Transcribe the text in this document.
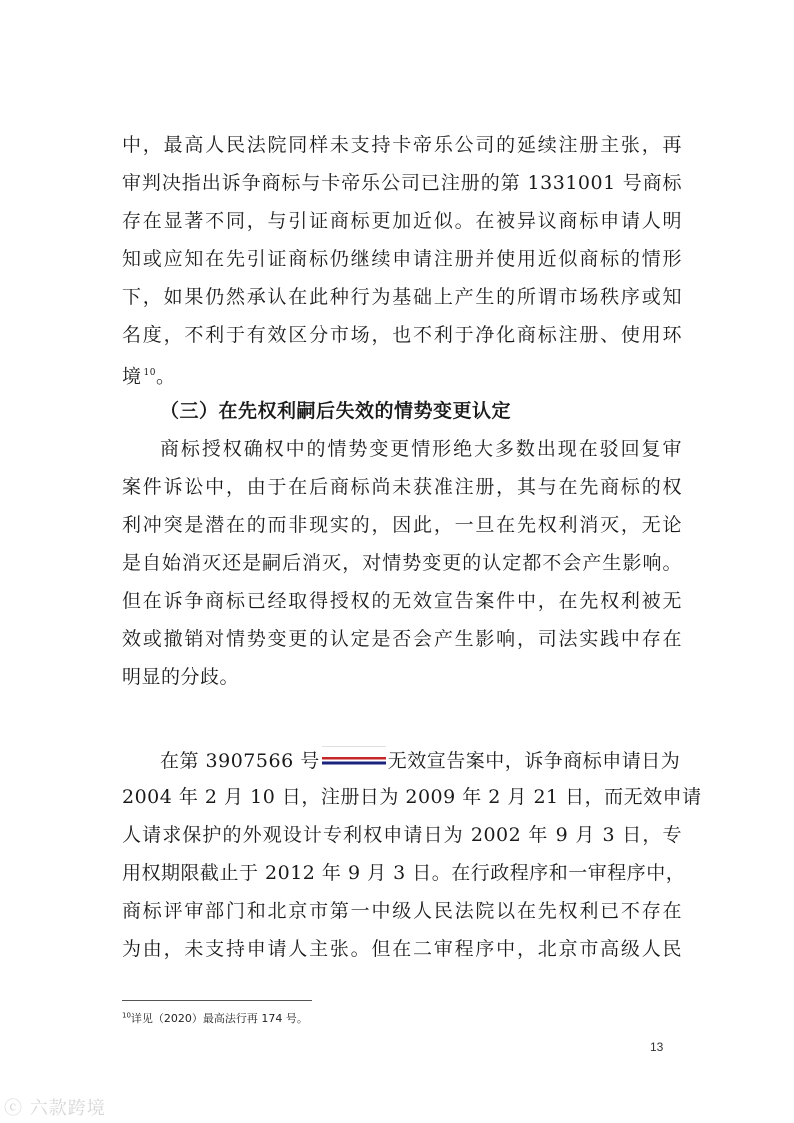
中，最高人民法院同样未支持卡帝乐公司的延续注册主张，再
审判决指出诉争商标与卡帝乐公司已注册的第 1331001 号商标
存在显著不同，与引证商标更加近似。在被异议商标申请人明
知或应知在先引证商标仍继续申请注册并使用近似商标的情形
下，如果仍然承认在此种行为基础上产生的所谓市场秩序或知
名度，不利于有效区分市场，也不利于净化商标注册、使用环
境 $^{10}$。
（三）在先权利嗣后失效的情势变更认定
商标授权确权中的情势变更情形绝大多数出现在驳回复审
案件诉讼中，由于在后商标尚未获准注册，其与在先商标的权
利冲突是潜在的而非现实的，因此，一旦在先权利消灭，无论
是自始消灭还是嗣后消灭，对情势变更的认定都不会产生影响。
但在诉争商标已经取得授权的无效宣告案件中，在先权利被无
效或撤销对情势变更的认定是否会产生影响，司法实践中存在
明显的分歧。
在第 3907566 号	无效宣告案中，诉争商标申请日为
2004 年 2 月 10 日，注册日为 2009 年 2 月 21 日，而无效申请
人请求保护的外观设计专利权申请日为 2002 年 9 月 3 日，专
用权期限截止于 2012 年 9 月 3 日。在行政程序和一审程序中，
商标评审部门和北京市第一中级人民法院以在先权利已不存在
为由，未支持申请人主张。但在二审程序中，北京市高级人民
$^{10}$详见（2020）最高法行再 174 号。
13
ⓒ 六款跨境
